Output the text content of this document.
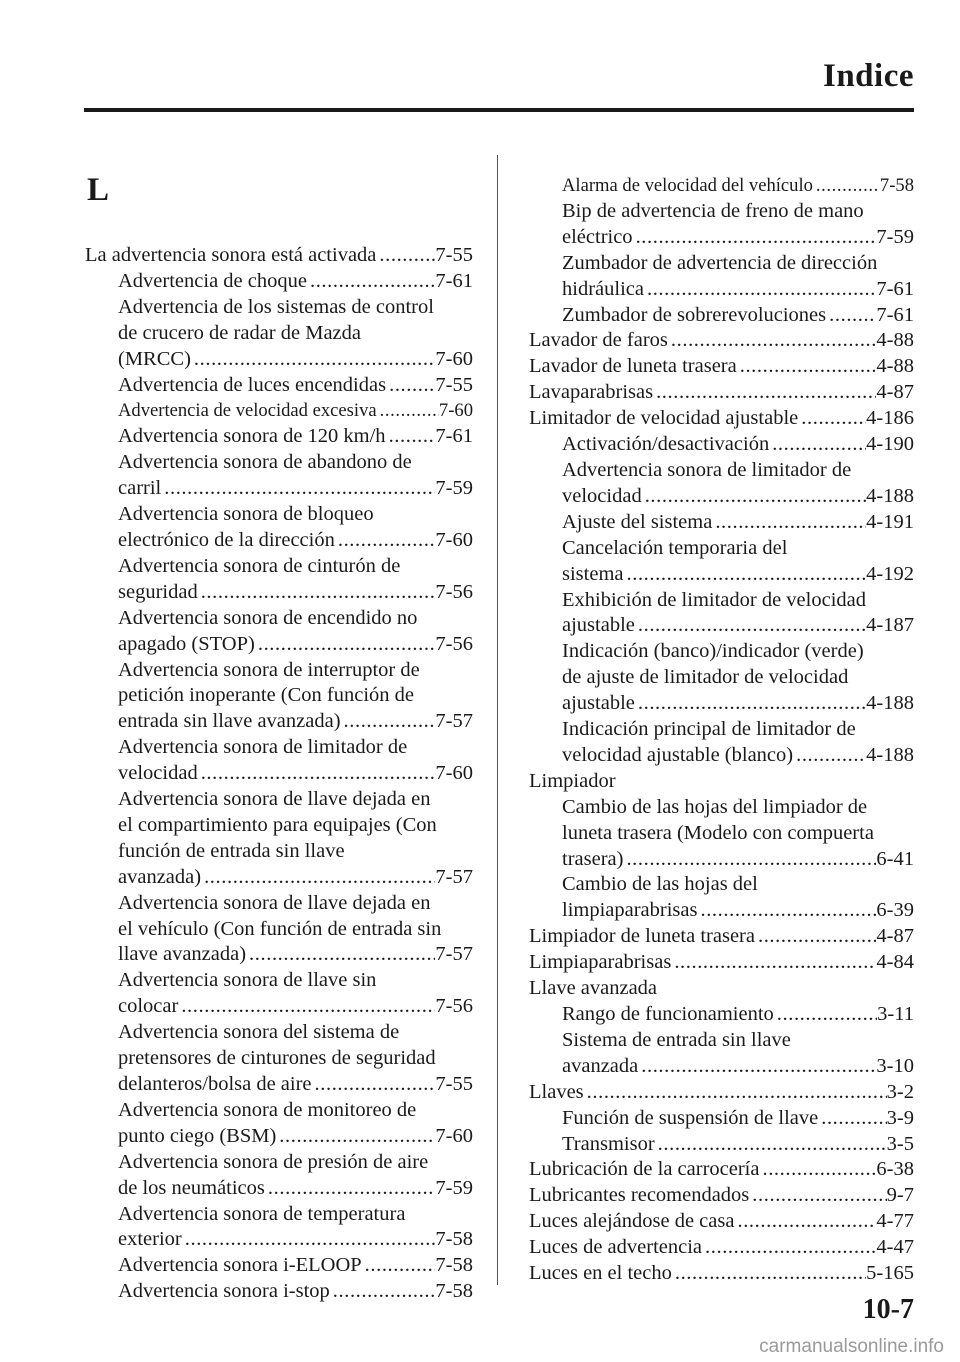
Indice
L
La advertencia sonora está activada .....	7-55
Advertencia de choque .....	7-61
Advertencia de los sistemas de control
de crucero de radar de Mazda
(MRCC) .....	7-60
Advertencia de luces encendidas ..... 7-55
Advertencia de velocidad excesiva .....	7-60
Advertencia sonora de 120 km/h ..... 7-61
Advertencia sonora de abandono de
carril .....	7-59
Advertencia sonora de bloqueo
electrónico de la dirección .....	7-60
Advertencia sonora de cinturón de
seguridad .....	7-56
Advertencia sonora de encendido no
apagado (STOP) .....	7-56
Advertencia sonora de interruptor de
petición inoperante (Con función de
entrada sin llave avanzada) .....	7-57
Advertencia sonora de limitador de
velocidad .....	7-60
Advertencia sonora de llave dejada en
el compartimiento para equipajes (Con
función de entrada sin llave
avanzada) .....	7-57
Advertencia sonora de llave dejada en
el vehículo (Con función de entrada sin
llave avanzada) .....	7-57
Advertencia sonora de llave sin
colocar .....	7-56
Advertencia sonora del sistema de
pretensores de cinturones de seguridad
delanteros/bolsa de aire .....	7-55
Advertencia sonora de monitoreo de
punto ciego (BSM) .....	7-60
Advertencia sonora de presión de aire
de los neumáticos .....	7-59
Advertencia sonora de temperatura
exterior .....	7-58
Advertencia sonora i-ELOOP .....	7-58
Advertencia sonora i-stop .....	7-58
Alarma de velocidad del vehículo .....	7-58
Bip de advertencia de freno de mano
eléctrico .....	7-59
Zumbador de advertencia de dirección
hidráulica .....	7-61
Zumbador de sobrerevoluciones ..... 7-61
Lavador de faros .....	4-88
Lavador de luneta trasera .....	4-88
Lavaparabrisas .....	4-87
Limitador de velocidad ajustable .....	4-186
Activación/desactivación .....	4-190
Advertencia sonora de limitador de
velocidad .....	4-188
Ajuste del sistema .....	4-191
Cancelación temporaria del
sistema .....	4-192
Exhibición de limitador de velocidad
ajustable .....	4-187
Indicación (banco)/indicador (verde)
de ajuste de limitador de velocidad
ajustable .....	4-188
Indicación principal de limitador de
velocidad ajustable (blanco) .....	4-188
Limpiador
Cambio de las hojas del limpiador de
luneta trasera (Modelo con compuerta
trasera) .....	6-41
Cambio de las hojas del
limpiaparabrisas .....	6-39
Limpiador de luneta trasera .....	4-87
Limpiaparabrisas .....	4-84
Llave avanzada
Rango de funcionamiento .....	3-11
Sistema de entrada sin llave
avanzada .....	3-10
Llaves .....	3-2
Función de suspensión de llave .....	3-9
Transmisor .....	3-5
Lubricación de la carrocería .....	6-38
Lubricantes recomendados .....	9-7
Luces alejándose de casa .....	4-77
Luces de advertencia .....	4-47
Luces en el techo .....	5-165
10-7
carmanualsonline.info
